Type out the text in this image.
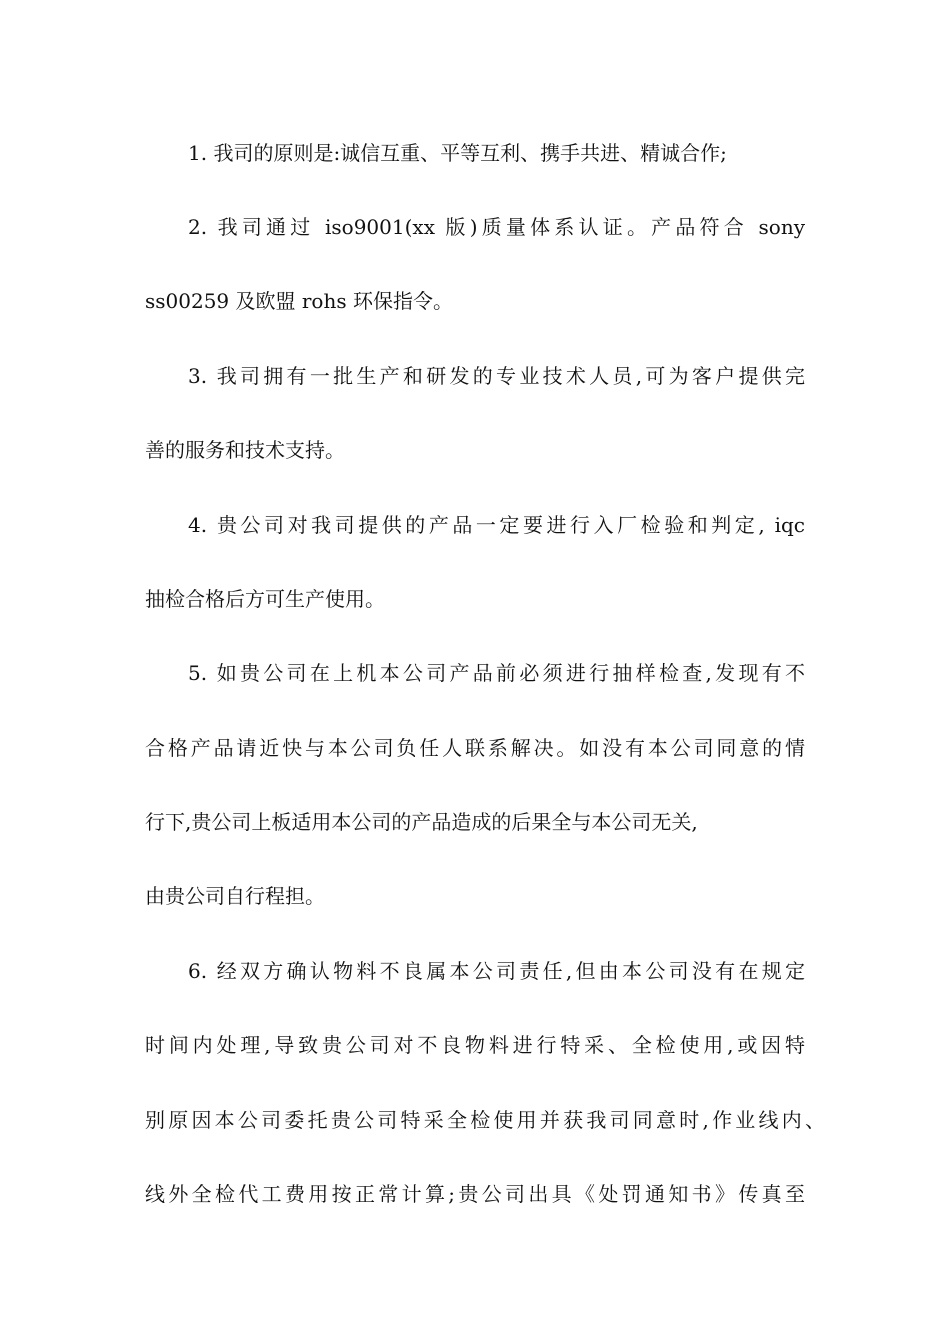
1. 我司的原则是:诚信互重、平等互利、携手共进、精诚合作;
2. 我司通过 iso9001(xx 版)质量体系认证。产品符合 sony
ss00259 及欧盟 rohs 环保指令。
3. 我司拥有一批生产和研发的专业技术人员,可为客户提供完
善的服务和技术支持。
4. 贵公司对我司提供的产品一定要进行入厂检验和判定, iqc
抽检合格后方可生产使用。
5. 如贵公司在上机本公司产品前必须进行抽样检查,发现有不
合格产品请近快与本公司负任人联系解决。如没有本公司同意的情
行下,贵公司上板适用本公司的产品造成的后果全与本公司无关,
由贵公司自行程担。
6. 经双方确认物料不良属本公司责任,但由本公司没有在规定
时间内处理,导致贵公司对不良物料进行特采、全检使用,或因特
别原因本公司委托贵公司特采全检使用并获我司同意时,作业线内、
线外全检代工费用按正常计算;贵公司出具《处罚通知书》传真至
